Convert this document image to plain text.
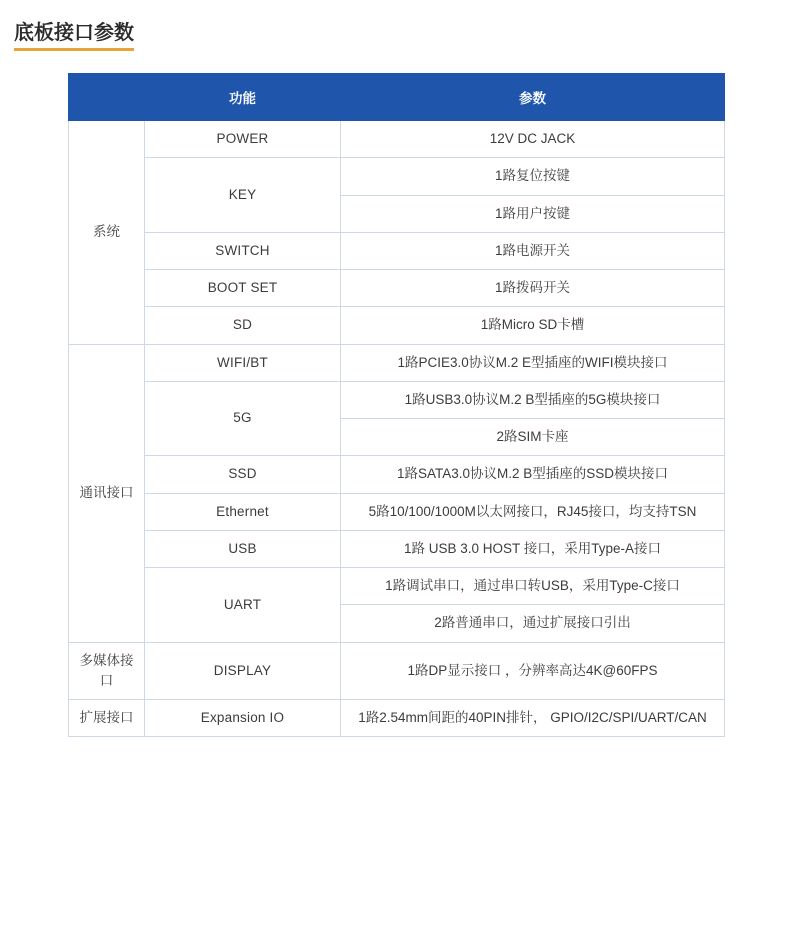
底板接口参数
	功能	参数
系统	POWER	12V DC JACK
	KEY	1路复位按键
		1路用户按键
	SWITCH	1路电源开关
	BOOT SET	1路拨码开关
	SD	1路Micro SD卡槽
通讯接口	WIFI/BT	1路PCIE3.0协议M.2 E型插座的WIFI模块接口
	5G	1路USB3.0协议M.2 B型插座的5G模块接口
		2路SIM卡座
	SSD	1路SATA3.0协议M.2 B型插座的SSD模块接口
	Ethernet	5路10/100/1000M以太网接口，RJ45接口，均支持TSN
	USB	1路 USB 3.0 HOST 接口，采用Type-A接口
	UART	1路调试串口，通过串口转USB，采用Type-C接口
		2路普通串口，通过扩展接口引出
多媒体接口	DISPLAY	1路DP显示接口 ，分辨率高达4K@60FPS
扩展接口	Expansion IO	1路2.54mm间距的40PIN排针， GPIO/I2C/SPI/UART/CAN
